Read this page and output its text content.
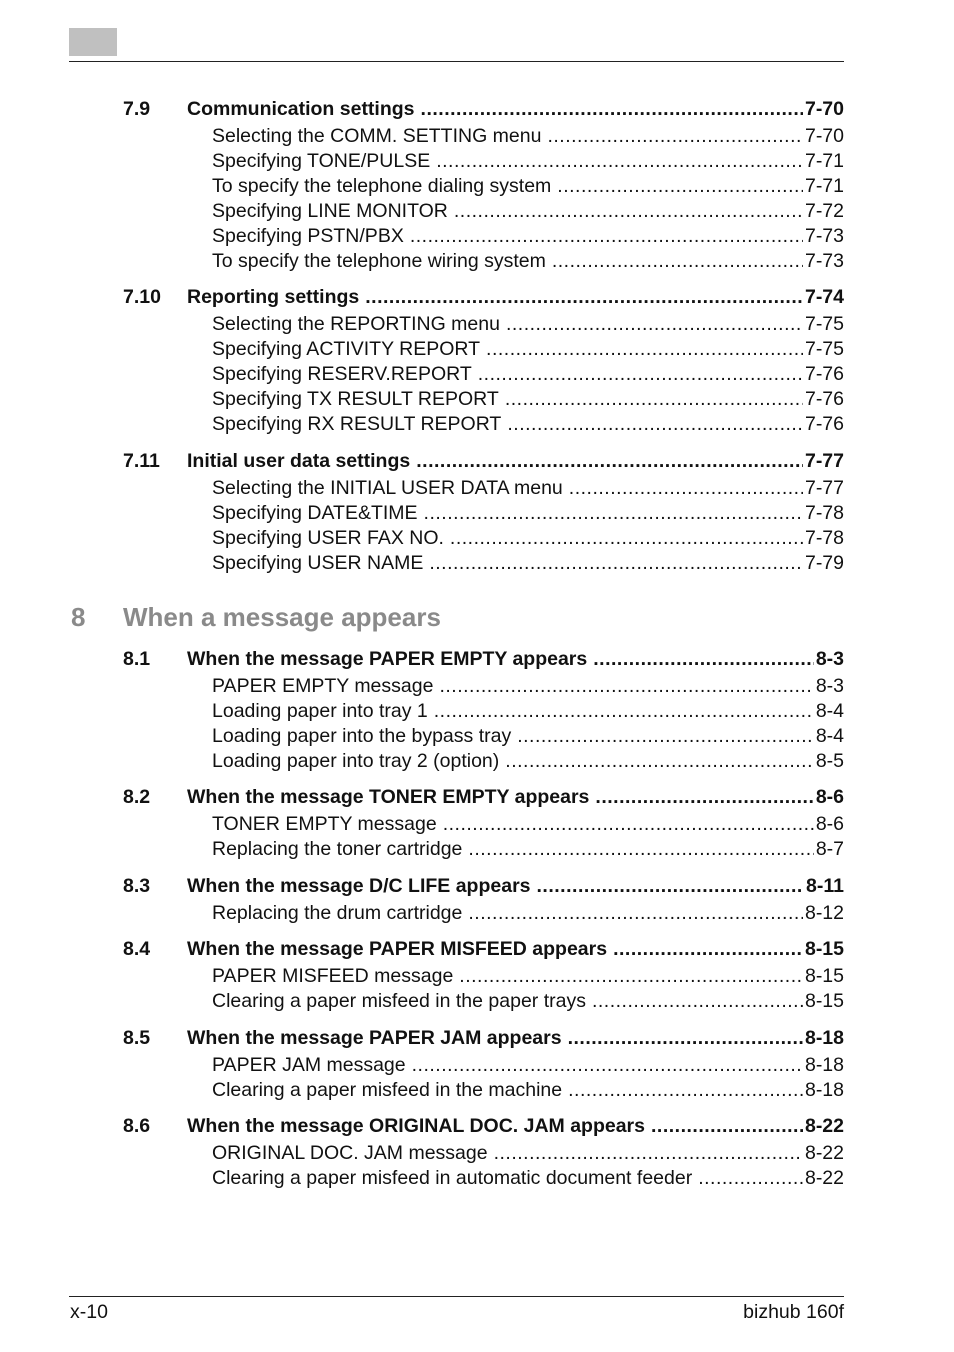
7.9 Communication settings .....	7-70
Selecting the COMM. SETTING menu .....	7-70
Specifying TONE/PULSE .....	7-71
To specify the telephone dialing system .....	7-71
Specifying LINE MONITOR .....	7-72
Specifying PSTN/PBX .....	7-73
To specify the telephone wiring system .....	7-73
7.10 Reporting settings .....	7-74
Selecting the REPORTING menu .....	7-75
Specifying ACTIVITY REPORT .....	7-75
Specifying RESERV.REPORT .....	7-76
Specifying TX RESULT REPORT .....	7-76
Specifying RX RESULT REPORT .....	7-76
7.11 Initial user data settings .....	7-77
Selecting the INITIAL USER DATA menu .....	7-77
Specifying DATE&TIME .....	7-78
Specifying USER FAX NO. .....	7-78
Specifying USER NAME .....	7-79
8.1 When the message PAPER EMPTY appears .....	8-3
PAPER EMPTY message .....	8-3
Loading paper into tray 1 .....	8-4
Loading paper into the bypass tray .....	8-4
Loading paper into tray 2 (option) .....	8-5
8.2 When the message TONER EMPTY appears .....	8-6
TONER EMPTY message .....	8-6
Replacing the toner cartridge .....	8-7
8.3 When the message D/C LIFE appears .....	8-11
Replacing the drum cartridge .....	8-12
8.4 When the message PAPER MISFEED appears .....	8-15
PAPER MISFEED message .....	8-15
Clearing a paper misfeed in the paper trays .....	8-15
8.5 When the message PAPER JAM appears .....	8-18
PAPER JAM message .....	8-18
Clearing a paper misfeed in the machine .....	8-18
8.6 When the message ORIGINAL DOC. JAM appears .....	8-22
ORIGINAL DOC. JAM message .....	8-22
Clearing a paper misfeed in automatic document feeder .....	8-22
8 When a message appears
x-10	bizhub 160f
